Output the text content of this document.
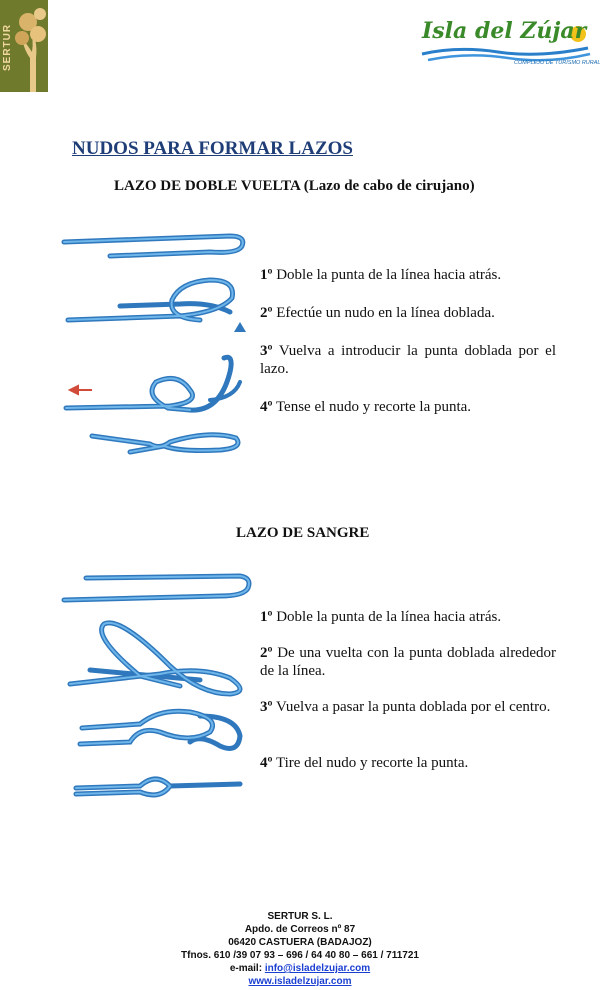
SERTUR	Isla del Zújar
COMPLEJO DE TURISMO RURAL
NUDOS PARA FORMAR LAZOS
LAZO DE DOBLE VUELTA (Lazo de cabo de cirujano)
1º Doble la punta de la línea hacia atrás.
2º Efectúe un nudo en la línea doblada.
3º Vuelva a introducir la punta doblada por el lazo.
4º Tense el nudo y recorte la punta.
LAZO DE SANGRE
1º Doble la punta de la línea hacia atrás.
2º De una vuelta con la punta doblada alrededor de la línea.
3º Vuelva a pasar la punta doblada por el centro.
4º Tire del nudo y recorte la punta.
SERTUR S. L.
Apdo. de Correos nº 87
06420 CASTUERA (BADAJOZ)
Tfnos. 610 /39 07 93 – 696 / 64 40 80 – 661 / 711721
e-mail: info@isladelzujar.com
www.isladelzujar.com
